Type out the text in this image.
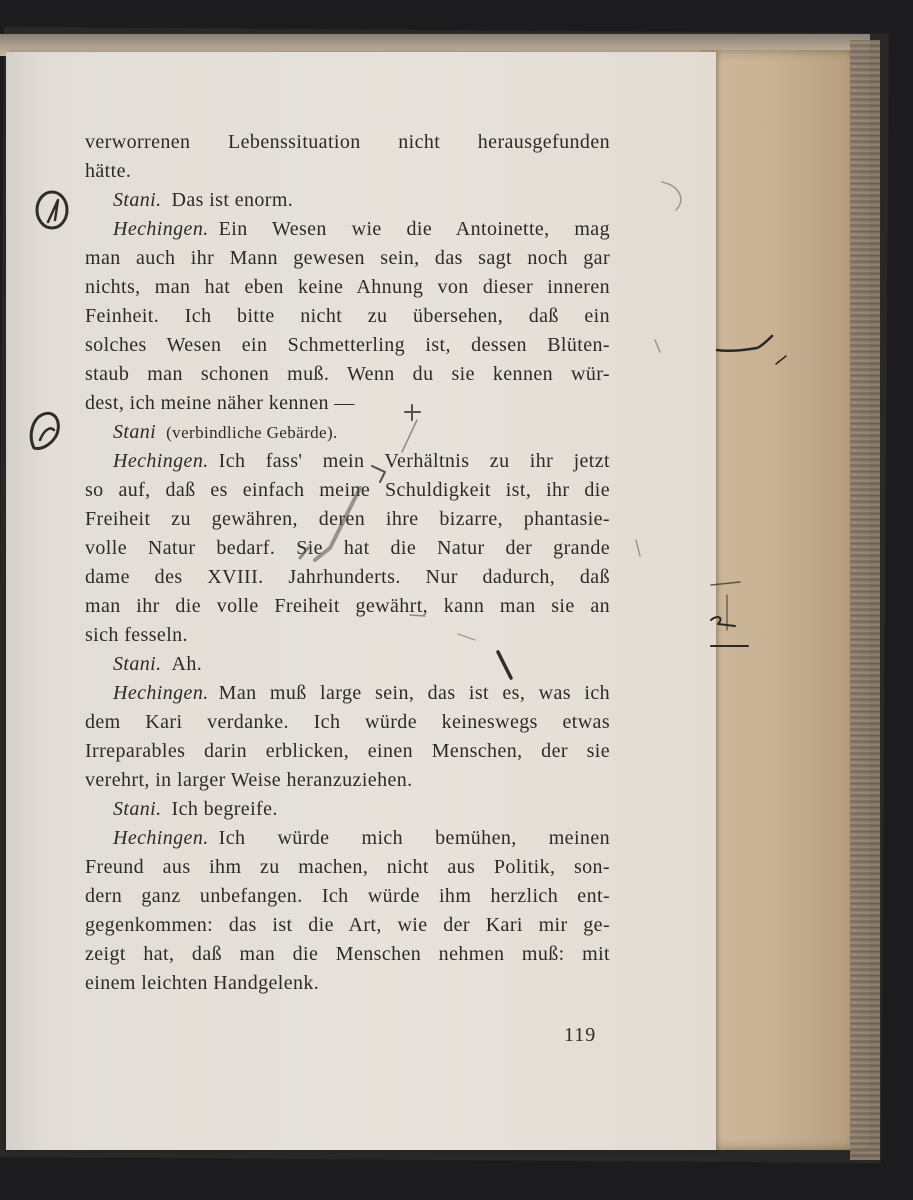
verworrenen Lebenssituation nicht herausgefunden
hätte.
Stani. Das ist enorm.
Hechingen. Ein Wesen wie die Antoinette, mag
man auch ihr Mann gewesen sein, das sagt noch gar
nichts, man hat eben keine Ahnung von dieser inneren
Feinheit. Ich bitte nicht zu übersehen, daß ein
solches Wesen ein Schmetterling ist, dessen Blüten-
staub man schonen muß. Wenn du sie kennen wür-
dest, ich meine näher kennen —
Stani (verbindliche Gebärde).
Hechingen. Ich fass' mein Verhältnis zu ihr jetzt
so auf, daß es einfach meine Schuldigkeit ist, ihr die
Freiheit zu gewähren, deren ihre bizarre, phantasie-
volle Natur bedarf. Sie hat die Natur der grande
dame des XVIII. Jahrhunderts. Nur dadurch, daß
man ihr die volle Freiheit gewährt, kann man sie an
sich fesseln.
Stani. Ah.
Hechingen. Man muß large sein, das ist es, was ich
dem Kari verdanke. Ich würde keineswegs etwas
Irreparables darin erblicken, einen Menschen, der sie
verehrt, in larger Weise heranzuziehen.
Stani. Ich begreife.
Hechingen. Ich würde mich bemühen, meinen
Freund aus ihm zu machen, nicht aus Politik, son-
dern ganz unbefangen. Ich würde ihm herzlich ent-
gegenkommen: das ist die Art, wie der Kari mir ge-
zeigt hat, daß man die Menschen nehmen muß: mit
einem leichten Handgelenk.
119
